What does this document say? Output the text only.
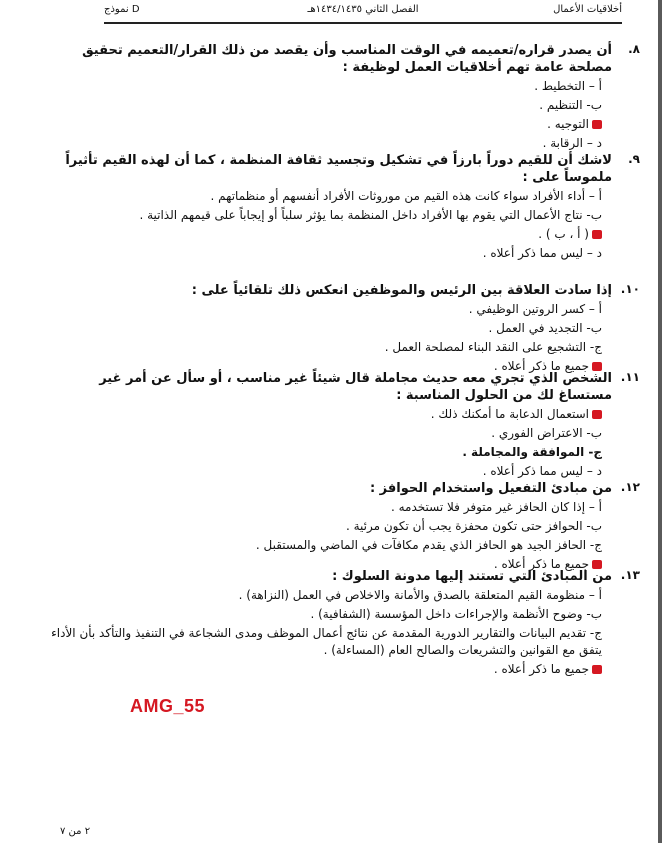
أخلاقيات الأعمال
الفصل الثاني ١٤٣٤/١٤٣٥هـ
نموذج D
.٨
أن يصدر قراره/تعميمه في الوقت المناسب وأن يقصد من ذلك القرار/التعميم تحقيق مصلحة عامة تهم أخلاقيات العمل لوظيفة :
أ – التخطيط .
ب- التنظيم .
التوجيه .
د – الرقابة .
.٩
لاشك أن للقيم دوراً بارزاً في تشكيل وتجسيد ثقافة المنظمة ، كما أن لهذه القيم تأثيراً ملموساً على :
أ – أداء الأفراد سواء كانت هذه القيم من موروثات الأفراد أنفسهم أو منظماتهم .
ب- نتاج الأعمال التي يقوم بها الأفراد داخل المنظمة بما يؤثر سلباً أو إيجاباً على قيمهم الذاتية .
( أ ، ب ) .
د – ليس مما ذكر أعلاه .
.١٠
إذا سادت العلاقة بين الرئيس والموظفين انعكس ذلك تلقائياً على :
أ – كسر الروتين الوظيفي .
ب- التجديد في العمل .
ج- التشجيع على النقد البناء لمصلحة العمل .
جميع ما ذكر أعلاه .
.١١
الشخص الذي تجري معه حديث مجاملة قال شيئاً غير مناسب ، أو سأل عن أمر غير مستساغ لك من الحلول المناسبة :
استعمال الدعابة ما أمكنك ذلك .
ب- الاعتراض الفوري .
ج- الموافقة والمجاملة .
د – ليس مما ذكر أعلاه .
.١٢
من مبادئ التفعيل واستخدام الحوافز :
أ – إذا كان الحافز غير متوفر فلا تستخدمه .
ب- الحوافز حتى تكون محفزة يجب أن تكون مرئية .
ج- الحافز الجيد هو الحافز الذي يقدم مكافآت في الماضي والمستقبل .
جميع ما ذكر أعلاه .
.١٣
من المبادئ التي تستند إليها مدونة السلوك :
أ – منظومة القيم المتعلقة بالصدق والأمانة والاخلاص في العمل (النزاهة) .
ب- وضوح الأنظمة والإجراءات داخل المؤسسة (الشفافية) .
ج- تقديم البيانات والتقارير الدورية المقدمة عن نتائج أعمال الموظف ومدى الشجاعة في التنفيذ والتأكد بأن الأداء يتفق مع القوانين والتشريعات والصالح العام (المساءلة) .
جميع ما ذكر أعلاه .
AMG_55
٢ من ٧
